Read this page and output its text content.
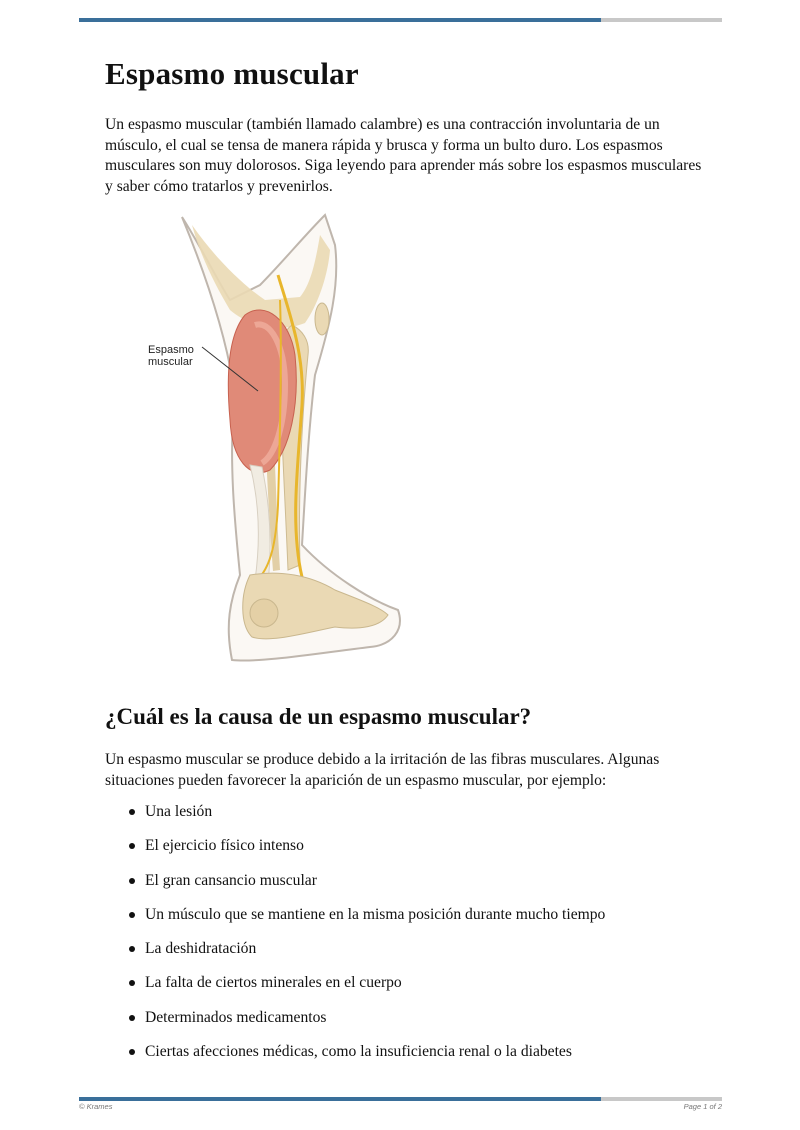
Espasmo muscular

Un espasmo muscular (también llamado calambre) es una contracción involuntaria de un músculo, el cual se tensa de manera rápida y brusca y forma un bulto duro. Los espasmos musculares son muy dolorosos. Siga leyendo para aprender más sobre los espasmos musculares y saber cómo tratarlos y prevenirlos.

Espasmo
muscular
¿Cuál es la causa de un espasmo muscular?

Un espasmo muscular se produce debido a la irritación de las fibras musculares. Algunas situaciones pueden favorecer la aparición de un espasmo muscular, por ejemplo:

Una lesión
El ejercicio físico intenso
El gran cansancio muscular
Un músculo que se mantiene en la misma posición durante mucho tiempo
La deshidratación
La falta de ciertos minerales en el cuerpo
Determinados medicamentos
Ciertas afecciones médicas, como la insuficiencia renal o la diabetes
© Krames	Page 1 of 2
